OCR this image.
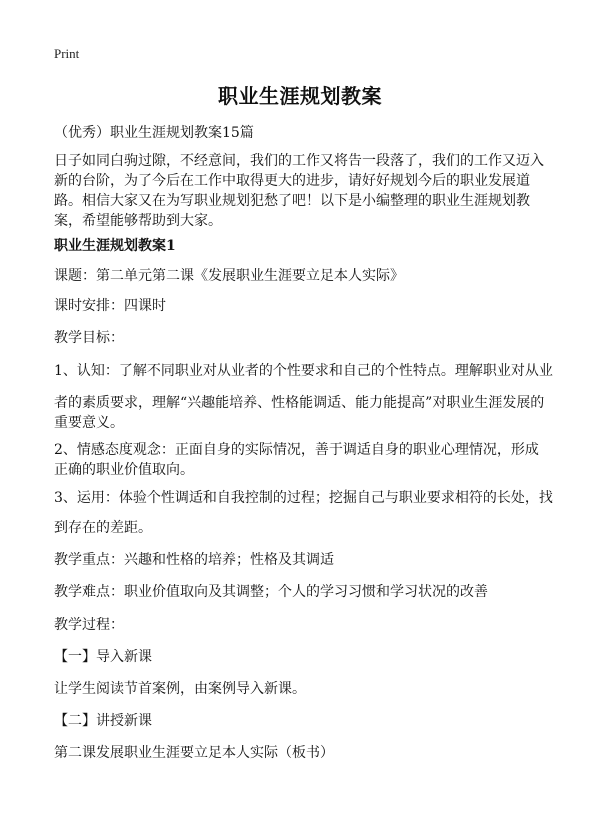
Print
职业生涯规划教案
（优秀）职业生涯规划教案15篇
日子如同白驹过隙，不经意间，我们的工作又将告一段落了，我们的工作又迈入新的台阶，为了今后在工作中取得更大的进步，请好好规划今后的职业发展道路。相信大家又在为写职业规划犯愁了吧！以下是小编整理的职业生涯规划教案，希望能够帮助到大家。
职业生涯规划教案1
课题：第二单元第二课《发展职业生涯要立足本人实际》
课时安排：四课时
教学目标：
1、认知：了解不同职业对从业者的个性要求和自己的个性特点。理解职业对从业
者的素质要求，理解“兴趣能培养、性格能调适、能力能提高”对职业生涯发展的重要意义。
2、情感态度观念：正面自身的实际情况，善于调适自身的职业心理情况，形成正确的职业价值取向。
3、运用：体验个性调适和自我控制的过程；挖掘自己与职业要求相符的长处，找
到存在的差距。
教学重点：兴趣和性格的培养；性格及其调适
教学难点：职业价值取向及其调整；个人的学习习惯和学习状况的改善
教学过程：
【一】导入新课
让学生阅读节首案例，由案例导入新课。
【二】讲授新课
第二课发展职业生涯要立足本人实际（板书）
